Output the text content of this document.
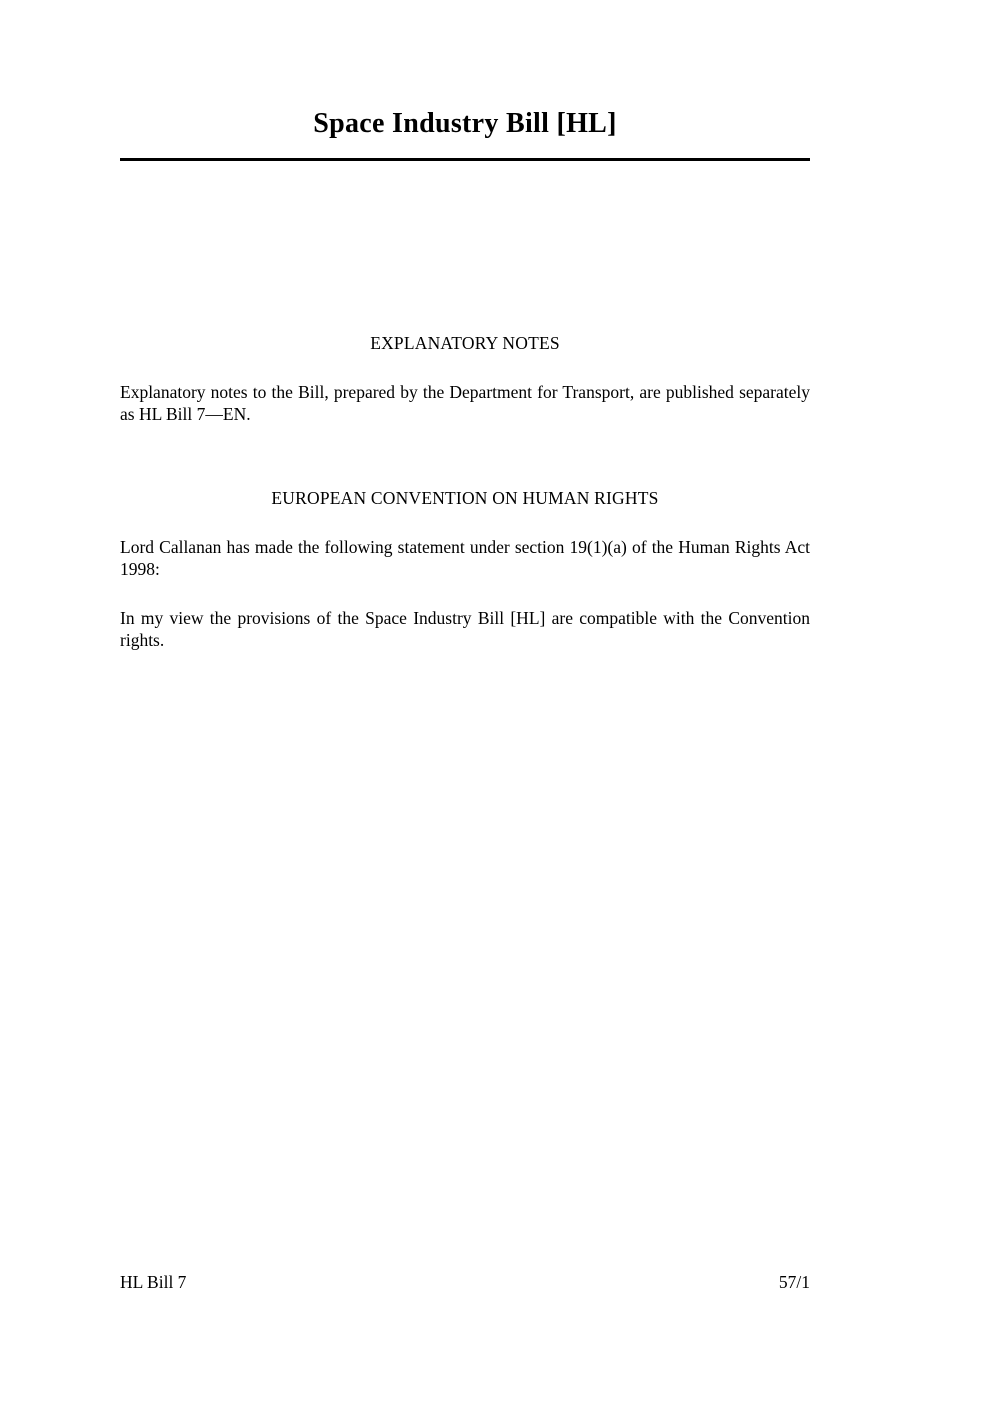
Space Industry Bill [HL]
EXPLANATORY NOTES

Explanatory notes to the Bill, prepared by the Department for Transport, are published separately as HL Bill 7—EN.

EUROPEAN CONVENTION ON HUMAN RIGHTS

Lord Callanan has made the following statement under section 19(1)(a) of the Human Rights Act 1998:

In my view the provisions of the Space Industry Bill [HL] are compatible with the Convention rights.

HL Bill 7	57/1
